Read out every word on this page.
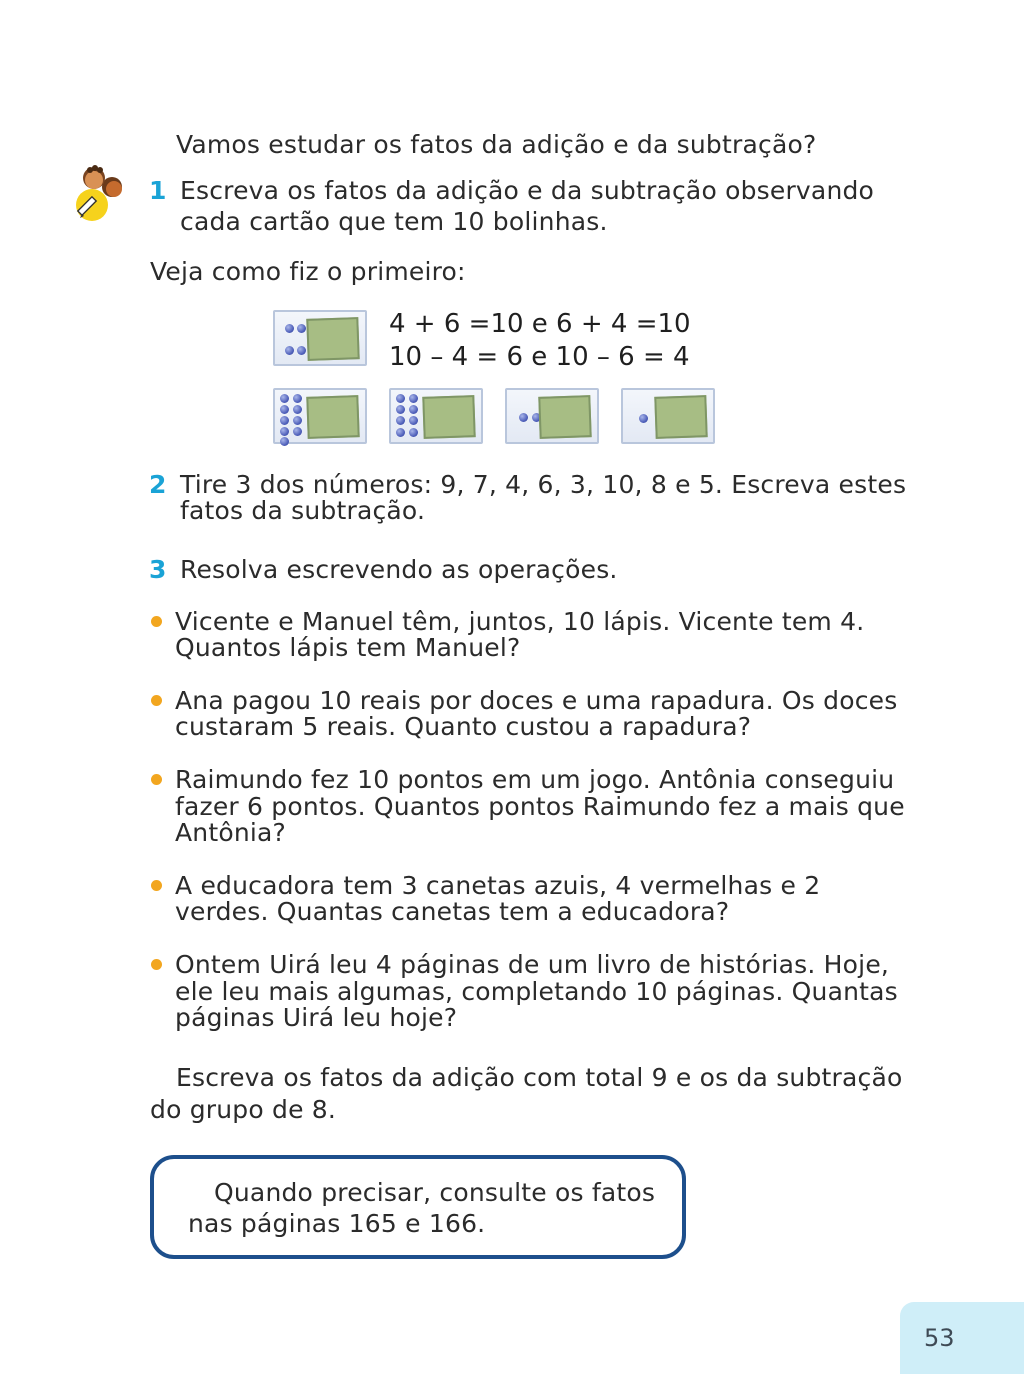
Vamos estudar os fatos da adição e da subtração?
1 Escreva os fatos da adição e da subtração observando
cada cartão que tem 10 bolinhas.
Veja como fiz o primeiro:
4 + 6 =10 e 6 + 4 =10
10 – 4 = 6 e 10 – 6 = 4
2 Tire 3 dos números: 9, 7, 4, 6, 3, 10, 8 e 5. Escreva estes
fatos da subtração.
3 Resolva escrevendo as operações.
Vicente e Manuel têm, juntos, 10 lápis. Vicente tem 4.
Quantos lápis tem Manuel?
Ana pagou 10 reais por doces e uma rapadura. Os doces
custaram 5 reais. Quanto custou a rapadura?
Raimundo fez 10 pontos em um jogo. Antônia conseguiu
fazer 6 pontos. Quantos pontos Raimundo fez a mais que
Antônia?
A educadora tem 3 canetas azuis, 4 vermelhas e 2
verdes. Quantas canetas tem a educadora?
Ontem Uirá leu 4 páginas de um livro de histórias. Hoje,
ele leu mais algumas, completando 10 páginas. Quantas
páginas Uirá leu hoje?
Escreva os fatos da adição com total 9 e os da subtração
do grupo de 8.
Quando precisar, consulte os fatos
nas páginas 165 e 166.
53
